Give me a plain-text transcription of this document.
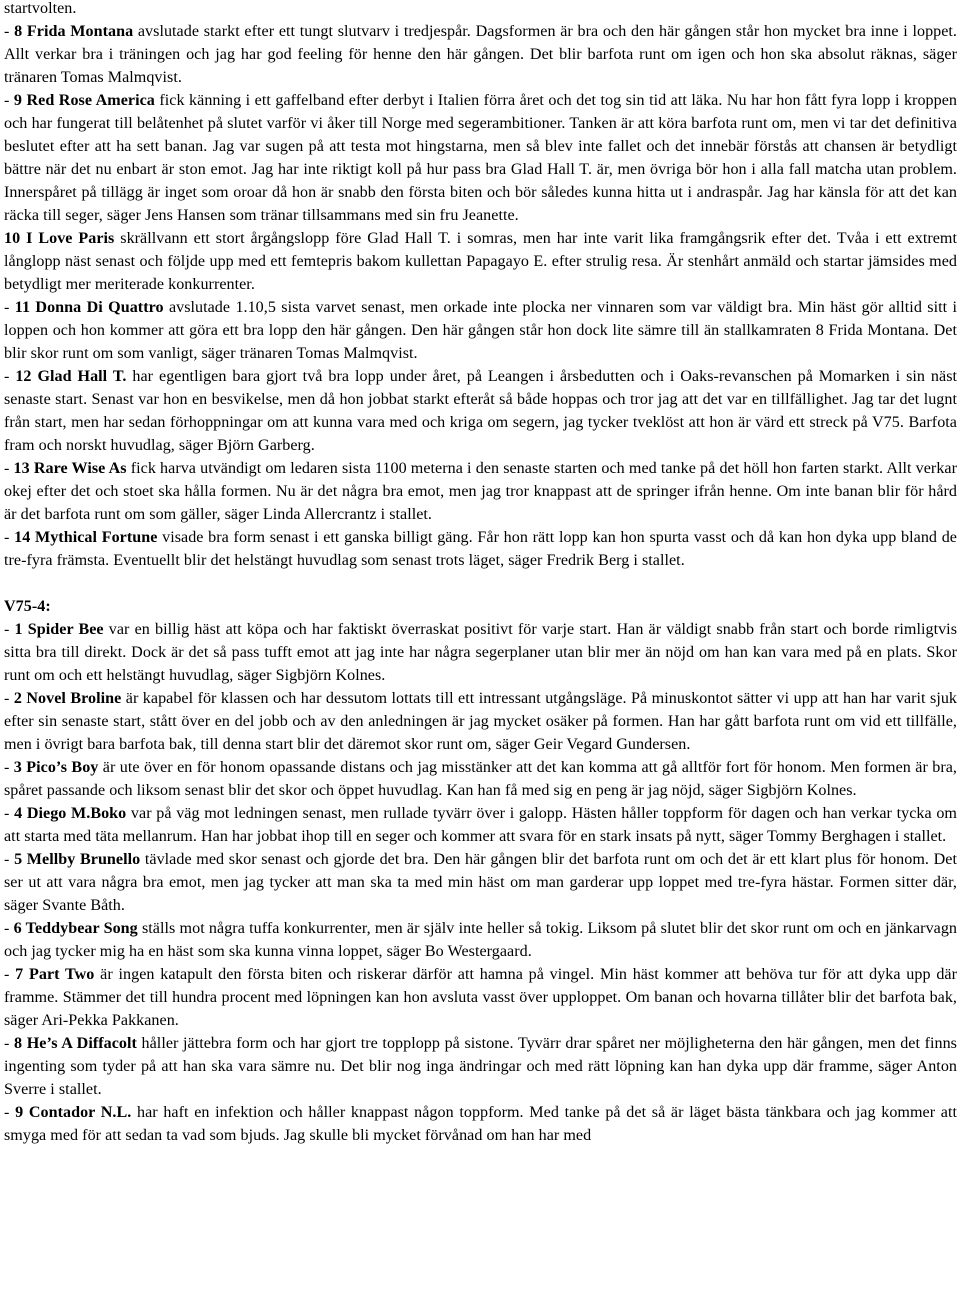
startvolten.

- 8 Frida Montana avslutade starkt efter ett tungt slutvarv i tredjespår. Dagsformen är bra och den här gången står hon mycket bra inne i loppet. Allt verkar bra i träningen och jag har god feeling för henne den här gången. Det blir barfota runt om igen och hon ska absolut räknas, säger tränaren Tomas Malmqvist.

- 9 Red Rose America fick känning i ett gaffelband efter derbyt i Italien förra året och det tog sin tid att läka. Nu har hon fått fyra lopp i kroppen och har fungerat till belåtenhet på slutet varför vi åker till Norge med segerambitioner. Tanken är att köra barfota runt om, men vi tar det definitiva beslutet efter att ha sett banan. Jag var sugen på att testa mot hingstarna, men så blev inte fallet och det innebär förstås att chansen är betydligt bättre när det nu enbart är ston emot. Jag har inte riktigt koll på hur pass bra Glad Hall T. är, men övriga bör hon i alla fall matcha utan problem. Innerspåret på tillägg är inget som oroar då hon är snabb den första biten och bör således kunna hitta ut i andraspår. Jag har känsla för att det kan räcka till seger, säger Jens Hansen som tränar tillsammans med sin fru Jeanette.

10 I Love Paris skrällvann ett stort årgångslopp före Glad Hall T. i somras, men har inte varit lika framgångsrik efter det. Tvåa i ett extremt långlopp näst senast och följde upp med ett femtepris bakom kullettan Papagayo E. efter strulig resa. Är stenhårt anmäld och startar jämsides med betydligt mer meriterade konkurrenter.

- 11 Donna Di Quattro avslutade 1.10,5 sista varvet senast, men orkade inte plocka ner vinnaren som var väldigt bra. Min häst gör alltid sitt i loppen och hon kommer att göra ett bra lopp den här gången. Den här gången står hon dock lite sämre till än stallkamraten 8 Frida Montana. Det blir skor runt om som vanligt, säger tränaren Tomas Malmqvist.

- 12 Glad Hall T. har egentligen bara gjort två bra lopp under året, på Leangen i årsbedutten och i Oaks-revanschen på Momarken i sin näst senaste start. Senast var hon en besvikelse, men då hon jobbat starkt efteråt så både hoppas och tror jag att det var en tillfällighet. Jag tar det lugnt från start, men har sedan förhoppningar om att kunna vara med och kriga om segern, jag tycker tveklöst att hon är värd ett streck på V75. Barfota fram och norskt huvudlag, säger Björn Garberg.

- 13 Rare Wise As fick harva utvändigt om ledaren sista 1100 meterna i den senaste starten och med tanke på det höll hon farten starkt. Allt verkar okej efter det och stoet ska hålla formen. Nu är det några bra emot, men jag tror knappast att de springer ifrån henne. Om inte banan blir för hård är det barfota runt om som gäller, säger Linda Allercrantz i stallet.

- 14 Mythical Fortune visade bra form senast i ett ganska billigt gäng. Får hon rätt lopp kan hon spurta vasst och då kan hon dyka upp bland de tre-fyra främsta. Eventuellt blir det helstängt huvudlag som senast trots läget, säger Fredrik Berg i stallet.

V75-4:

- 1 Spider Bee var en billig häst att köpa och har faktiskt överraskat positivt för varje start. Han är väldigt snabb från start och borde rimligtvis sitta bra till direkt. Dock är det så pass tufft emot att jag inte har några segerplaner utan blir mer än nöjd om han kan vara med på en plats. Skor runt om och ett helstängt huvudlag, säger Sigbjörn Kolnes.

- 2 Novel Broline är kapabel för klassen och har dessutom lottats till ett intressant utgångsläge. På minuskontot sätter vi upp att han har varit sjuk efter sin senaste start, stått över en del jobb och av den anledningen är jag mycket osäker på formen. Han har gått barfota runt om vid ett tillfälle, men i övrigt bara barfota bak, till denna start blir det däremot skor runt om, säger Geir Vegard Gundersen.

- 3 Pico’s Boy är ute över en för honom opassande distans och jag misstänker att det kan komma att gå alltför fort för honom. Men formen är bra, spåret passande och liksom senast blir det skor och öppet huvudlag. Kan han få med sig en peng är jag nöjd, säger Sigbjörn Kolnes.

- 4 Diego M.Boko var på väg mot ledningen senast, men rullade tyvärr över i galopp. Hästen håller toppform för dagen och han verkar tycka om att starta med täta mellanrum. Han har jobbat ihop till en seger och kommer att svara för en stark insats på nytt, säger Tommy Berghagen i stallet.

- 5 Mellby Brunello tävlade med skor senast och gjorde det bra. Den här gången blir det barfota runt om och det är ett klart plus för honom. Det ser ut att vara några bra emot, men jag tycker att man ska ta med min häst om man garderar upp loppet med tre-fyra hästar. Formen sitter där, säger Svante Båth.

- 6 Teddybear Song ställs mot några tuffa konkurrenter, men är själv inte heller så tokig. Liksom på slutet blir det skor runt om och en jänkarvagn och jag tycker mig ha en häst som ska kunna vinna loppet, säger Bo Westergaard.

- 7 Part Two är ingen katapult den första biten och riskerar därför att hamna på vingel. Min häst kommer att behöva tur för att dyka upp där framme. Stämmer det till hundra procent med löpningen kan hon avsluta vasst över upploppet. Om banan och hovarna tillåter blir det barfota bak, säger Ari-Pekka Pakkanen.

- 8 He’s A Diffacolt håller jättebra form och har gjort tre topplopp på sistone. Tyvärr drar spåret ner möjligheterna den här gången, men det finns ingenting som tyder på att han ska vara sämre nu. Det blir nog inga ändringar och med rätt löpning kan han dyka upp där framme, säger Anton Sverre i stallet.

- 9 Contador N.L. har haft en infektion och håller knappast någon toppform. Med tanke på det så är läget bästa tänkbara och jag kommer att smyga med för att sedan ta vad som bjuds. Jag skulle bli mycket förvånad om han har med
